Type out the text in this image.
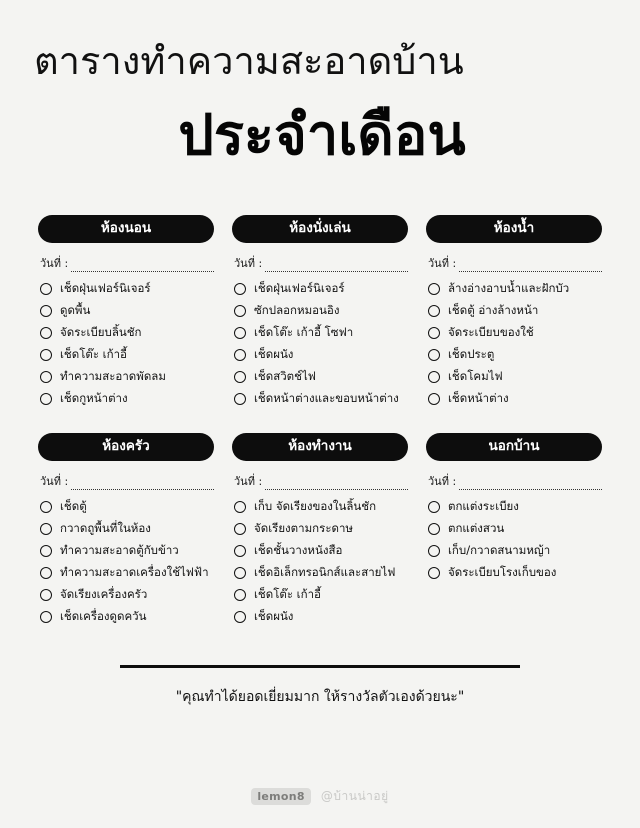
ตารางทำความสะอาดบ้าน
ประจำเดือน
ห้องนอน
วันที่ :
เช็ดฝุ่นเฟอร์นิเจอร์
ดูดพื้น
จัดระเบียบลิ้นชัก
เช็ดโต๊ะ เก้าอี้
ทำความสะอาดพัดลม
เช็ดกูหน้าต่าง
ห้องนั่งเล่น
วันที่ :
เช็ดฝุ่นเฟอร์นิเจอร์
ซักปลอกหมอนอิง
เช็ดโต๊ะ เก้าอี้ โซฟา
เช็ดผนัง
เช็ดสวิตช์ไฟ
เช็ดหน้าต่างและขอบหน้าต่าง
ห้องน้ำ
วันที่ :
ล้างอ่างอาบน้ำและฝักบัว
เช็ดตู้ อ่างล้างหน้า
จัดระเบียบของใช้
เช็ดประตู
เช็ดโคมไฟ
เช็ดหน้าต่าง
ห้องครัว
วันที่ :
เช็ดตู้
กวาดถูพื้นที่ในห้อง
ทำความสะอาดตู้กับข้าว
ทำความสะอาดเครื่องใช้ไฟฟ้า
จัดเรียงเครื่องครัว
เช็ดเครื่องดูดควัน
ห้องทำงาน
วันที่ :
เก็บ จัดเรียงของในลิ้นชัก
จัดเรียงตามกระดาษ
เช็ดชั้นวางหนังสือ
เช็ดอิเล็กทรอนิกส์และสายไฟ
เช็ดโต๊ะ เก้าอี้
เช็ดผนัง
นอกบ้าน
วันที่ :
ตกแต่งระเบียง
ตกแต่งสวน
เก็บ/กวาดสนามหญ้า
จัดระเบียบโรงเก็บของ
"คุณทำได้ยอดเยี่ยมมาก ให้รางวัลตัวเองด้วยนะ"
lemon8	@บ้านน่าอยู่
